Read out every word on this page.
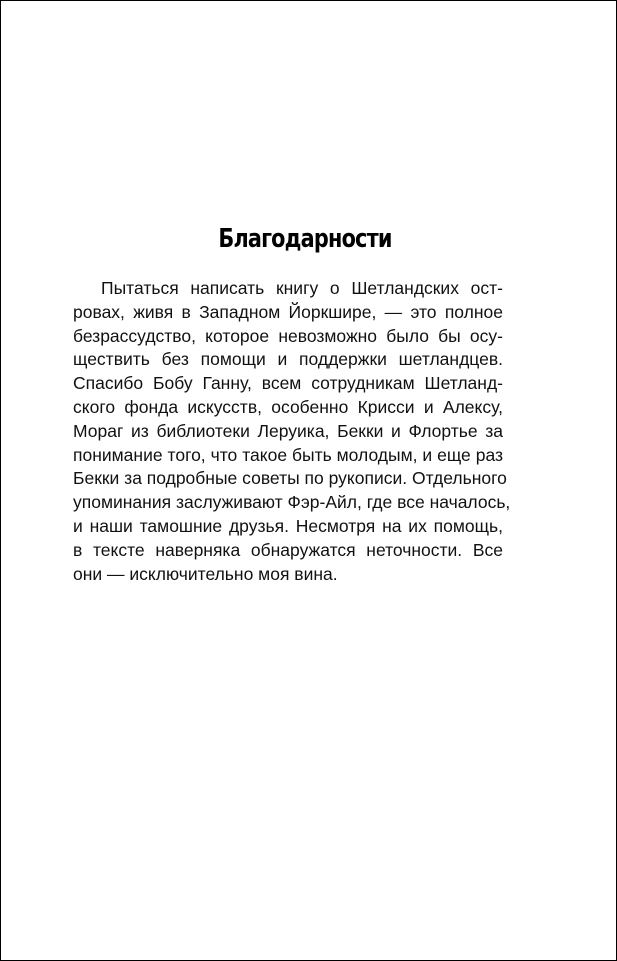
Благодарности
Пытаться написать книгу о Шетландских ост-
ровах, живя в Западном Йоркшире, — это полное
безрассудство, которое невозможно было бы осу-
ществить без помощи и поддержки шетландцев.
Спасибо Бобу Ганну, всем сотрудникам Шетланд-
ского фонда искусств, особенно Крисси и Алексу,
Мораг из библиотеки Леруика, Бекки и Флортье за
понимание того, что такое быть молодым, и еще раз
Бекки за подробные советы по рукописи. Отдельного
упоминания заслуживают Фэр-Айл, где все началось,
и наши тамошние друзья. Несмотря на их помощь,
в тексте наверняка обнаружатся неточности. Все
они — исключительно моя вина.
